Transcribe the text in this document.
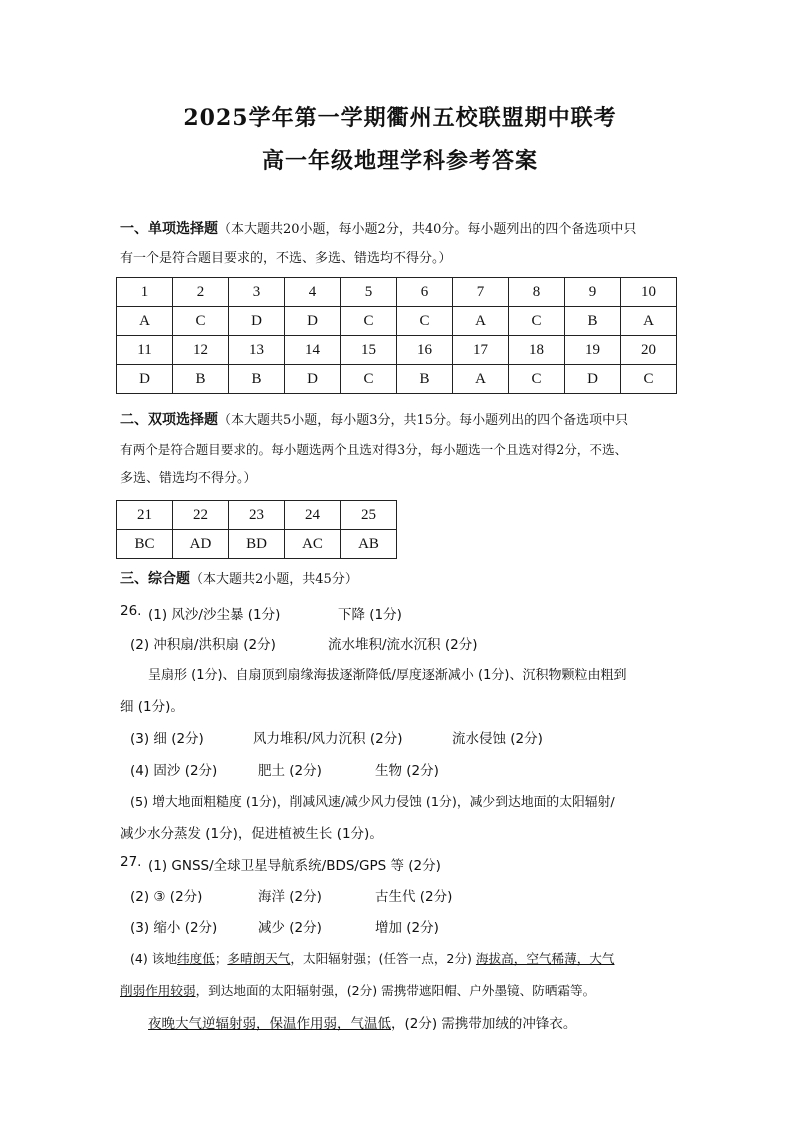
2025学年第一学期衢州五校联盟期中联考
高一年级地理学科参考答案
一、单项选择题（本大题共20小题，每小题2分，共40分。每小题列出的四个备选项中只
有一个是符合题目要求的，不选、多选、错选均不得分。）
1	2	3	4	5	6	7	8	9	10
A	C	D	D	C	C	A	C	B	A
11	12	13	14	15	16	17	18	19	20
D	B	B	D	C	B	A	C	D	C
二、双项选择题（本大题共5小题，每小题3分，共15分。每小题列出的四个备选项中只
有两个是符合题目要求的。每小题选两个且选对得3分，每小题选一个且选对得2分，不选、
多选、错选均不得分。）
21	22	23	24	25
BC	AD	BD	AC	AB
三、综合题（本大题共2小题，共45分）
26. (1) 风沙/沙尘暴 (1分)	下降 (1分)
(2) 冲积扇/洪积扇 (2分)	流水堆积/流水沉积 (2分)
呈扇形 (1分)、自扇顶到扇缘海拔逐渐降低/厚度逐渐减小 (1分)、沉积物颗粒由粗到
细 (1分)。
(3) 细 (2分)	风力堆积/风力沉积 (2分)	流水侵蚀 (2分)
(4) 固沙 (2分)	肥土 (2分)	生物 (2分)
(5) 增大地面粗糙度 (1分)，削减风速/减少风力侵蚀 (1分)，减少到达地面的太阳辐射/
减少水分蒸发 (1分)，促进植被生长 (1分)。
27. (1) GNSS/全球卫星导航系统/BDS/GPS 等 (2分)
(2) ③ (2分)	海洋 (2分)	古生代 (2分)
(3) 缩小 (2分)	减少 (2分)	增加 (2分)
(4) 该地纬度低；多晴朗天气，太阳辐射强；(任答一点，2分) 海拔高，空气稀薄，大气
削弱作用较弱，到达地面的太阳辐射强，(2分) 需携带遮阳帽、户外墨镜、防晒霜等。
夜晚大气逆辐射弱，保温作用弱，气温低，(2分) 需携带加绒的冲锋衣。
